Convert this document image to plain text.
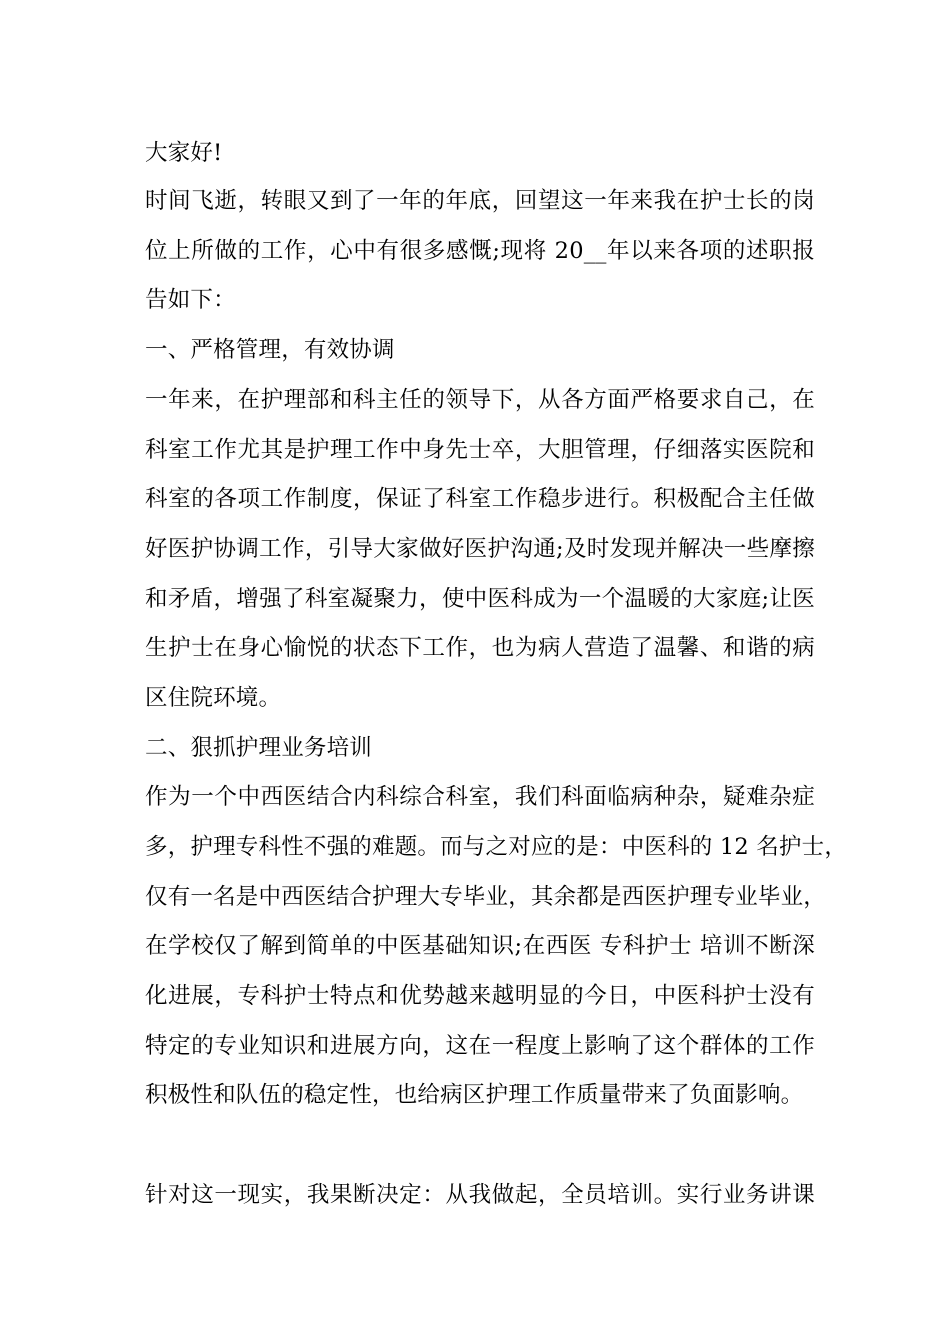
大家好!
时间飞逝，转眼又到了一年的年底，回望这一年来我在护士长的岗
位上所做的工作，心中有很多感慨;现将 20__年以来各项的述职报
告如下：
一、严格管理，有效协调
一年来，在护理部和科主任的领导下，从各方面严格要求自己，在
科室工作尤其是护理工作中身先士卒，大胆管理，仔细落实医院和
科室的各项工作制度，保证了科室工作稳步进行。积极配合主任做
好医护协调工作，引导大家做好医护沟通;及时发现并解决一些摩擦
和矛盾，增强了科室凝聚力，使中医科成为一个温暖的大家庭;让医
生护士在身心愉悦的状态下工作，也为病人营造了温馨、和谐的病
区住院环境。
二、狠抓护理业务培训
作为一个中西医结合内科综合科室，我们科面临病种杂，疑难杂症
多，护理专科性不强的难题。而与之对应的是：中医科的 12 名护士，
仅有一名是中西医结合护理大专毕业，其余都是西医护理专业毕业，
在学校仅了解到简单的中医基础知识;在西医 专科护士 培训不断深
化进展，专科护士特点和优势越来越明显的今日，中医科护士没有
特定的专业知识和进展方向，这在一程度上影响了这个群体的工作
积极性和队伍的稳定性，也给病区护理工作质量带来了负面影响。
针对这一现实，我果断决定：从我做起，全员培训。实行业务讲课
